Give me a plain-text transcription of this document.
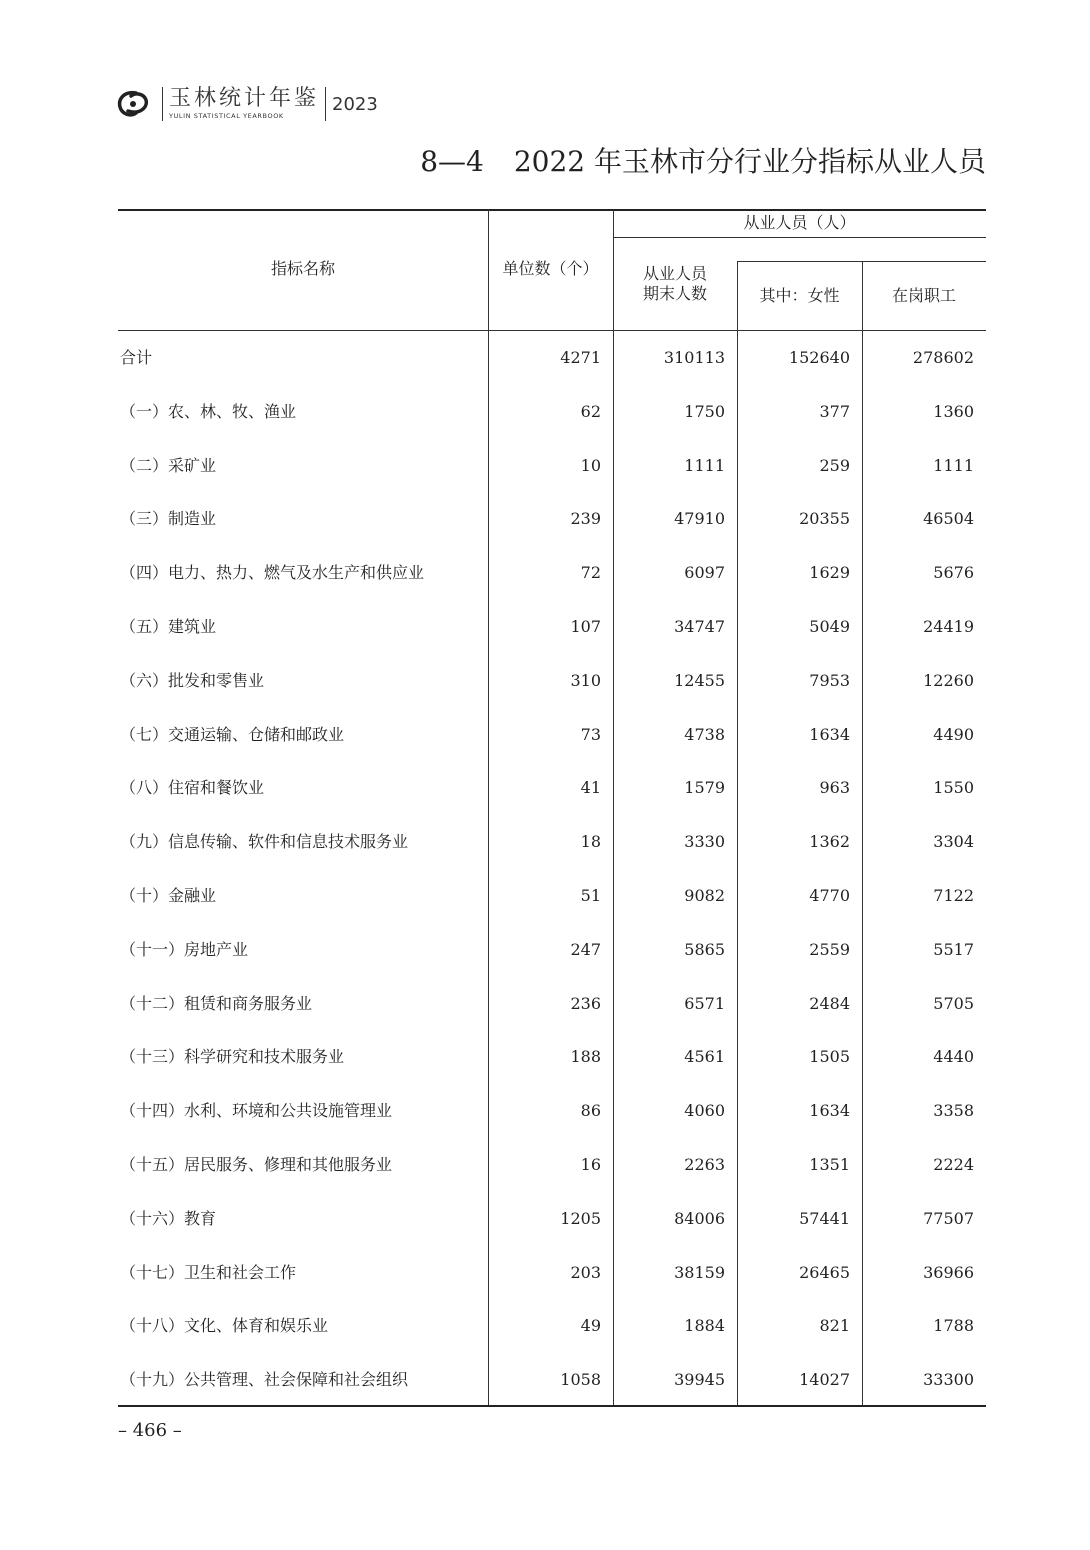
玉林统计年鉴
YULIN STATISTICAL YEARBOOK
2023
8—4 2022 年玉林市分行业分指标从业人员
指标名称	单位数（个）
从业人员（人）
从业人员
期末人数	其中：女性	在岗职工
合计	4271	310113	152640	278602
（一）农、林、牧、渔业	62	1750	377	1360
（二）采矿业	10	1111	259	1111
（三）制造业	239	47910	20355	46504
（四）电力、热力、燃气及水生产和供应业	72	6097	1629	5676
（五）建筑业	107	34747	5049	24419
（六）批发和零售业	310	12455	7953	12260
（七）交通运输、仓储和邮政业	73	4738	1634	4490
（八）住宿和餐饮业	41	1579	963	1550
（九）信息传输、软件和信息技术服务业	18	3330	1362	3304
（十）金融业	51	9082	4770	7122
（十一）房地产业	247	5865	2559	5517
（十二）租赁和商务服务业	236	6571	2484	5705
（十三）科学研究和技术服务业	188	4561	1505	4440
（十四）水利、环境和公共设施管理业	86	4060	1634	3358
（十五）居民服务、修理和其他服务业	16	2263	1351	2224
（十六）教育	1205	84006	57441	77507
（十七）卫生和社会工作	203	38159	26465	36966
（十八）文化、体育和娱乐业	49	1884	821	1788
（十九）公共管理、社会保障和社会组织	1058	39945	14027	33300
– 466 –
